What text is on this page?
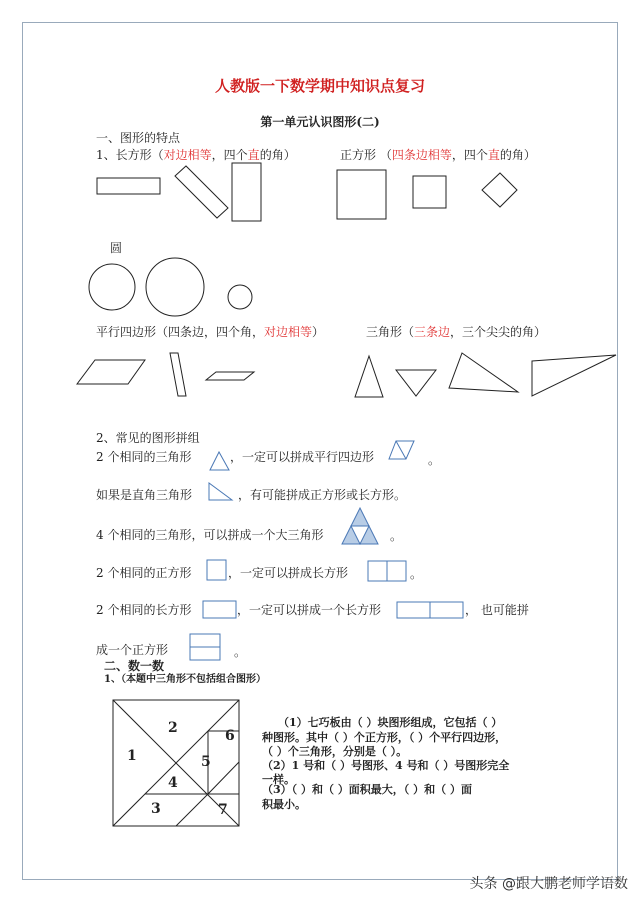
人教版一下数学期中知识点复习
第一单元认识图形(二)
一、图形的特点
1、长方形（对边相等，四个直的角）	正方形 （四条边相等，四个直的角）
圆
平行四边形（四条边，四个角，对边相等）	三角形（三条边，三个尖尖的角）
2、常见的图形拼组
2 个相同的三角形	，一定可以拼成平行四边形	。
如果是直角三角形	，有可能拼成正方形或长方形。
4 个相同的三角形，可以拼成一个大三角形	。
2 个相同的正方形	，一定可以拼成长方形	。
2 个相同的长方形	，一定可以拼成一个长方形	， 也可能拼
成一个正方形	。
二、数一数
1、（本题中三角形不包括组合图形）
1
2
3
4
5
6
7
（1）七巧板由（ ）块图形组成，它包括（ ）
种图形。其中（ ）个正方形，（ ）个平行四边形，
（ ）个三角形，分别是（ ）。
（2）1 号和（ ）号图形、4 号和（ ）号图形完全
一样。
（3）（ ）和（ ）面积最大，（ ）和（ ）面
积最小。
头条 @跟大鹏老师学语数
